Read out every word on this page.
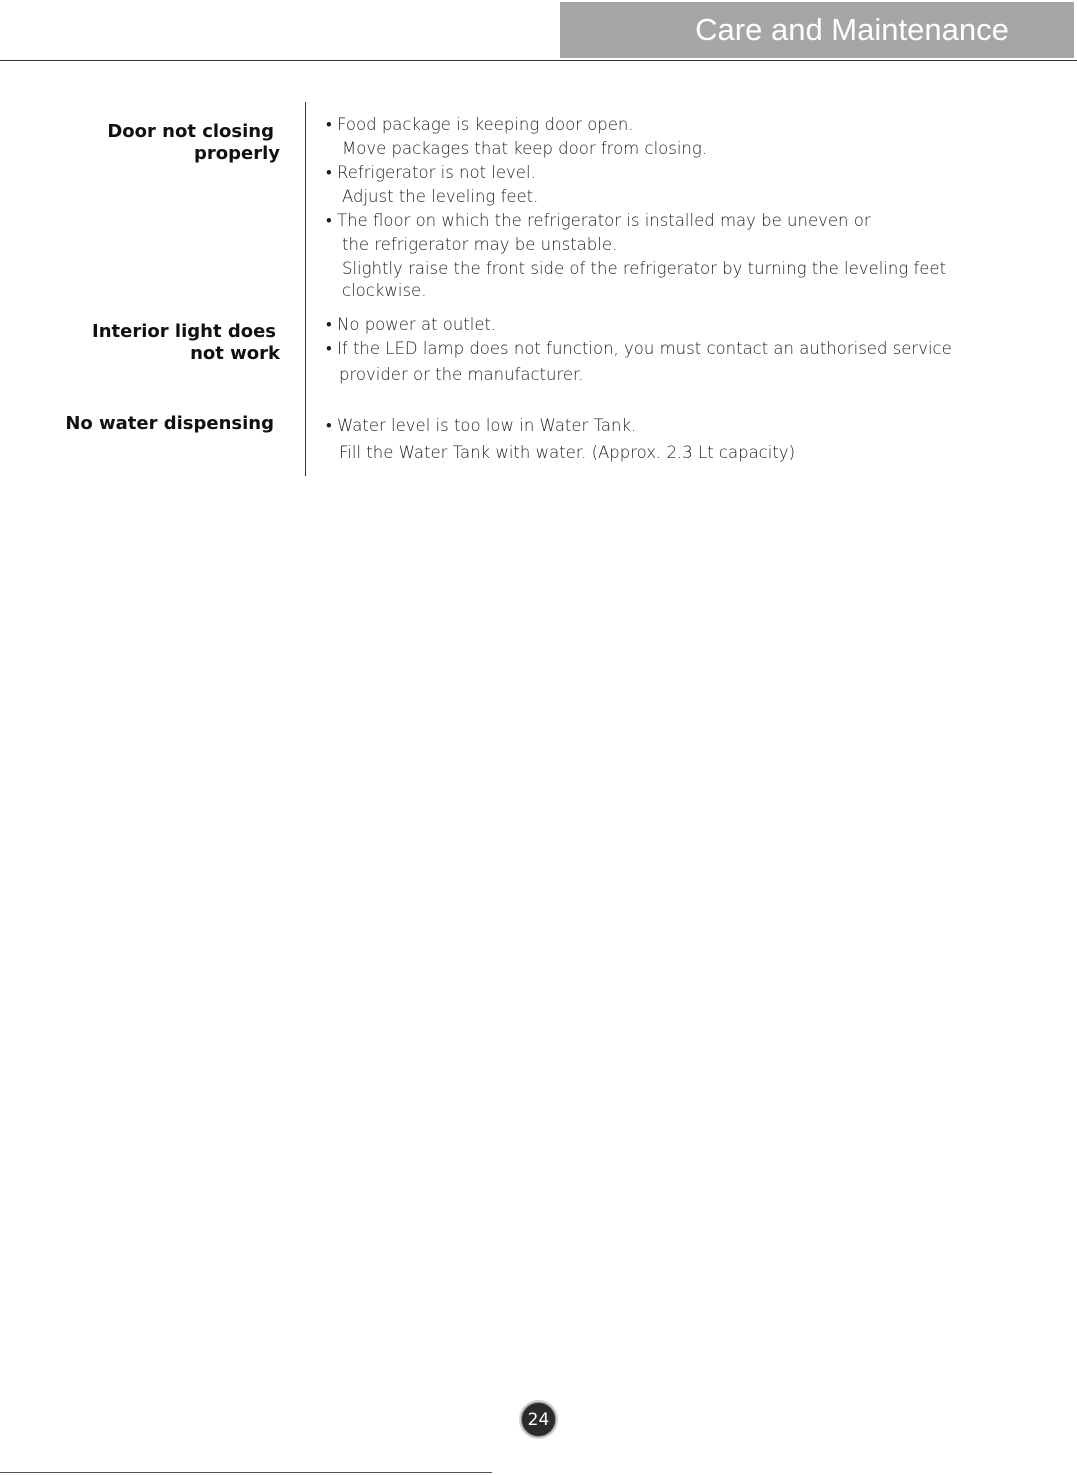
Care and Maintenance
Door not closing
properly
Interior light does
not work
No water dispensing
• Food package is keeping door open.
Move packages that keep door from closing.
• Refrigerator is not level.
Adjust the leveling feet.
• The floor on which the refrigerator is installed may be uneven or
the refrigerator may be unstable.
Slightly raise the front side of the refrigerator by turning the leveling feet
clockwise.
• No power at outlet.
• If the LED lamp does not function, you must contact an authorised service
provider or the manufacturer.
• Water level is too low in Water Tank.
Fill the Water Tank with water. (Approx. 2.3 Lt capacity)
24
